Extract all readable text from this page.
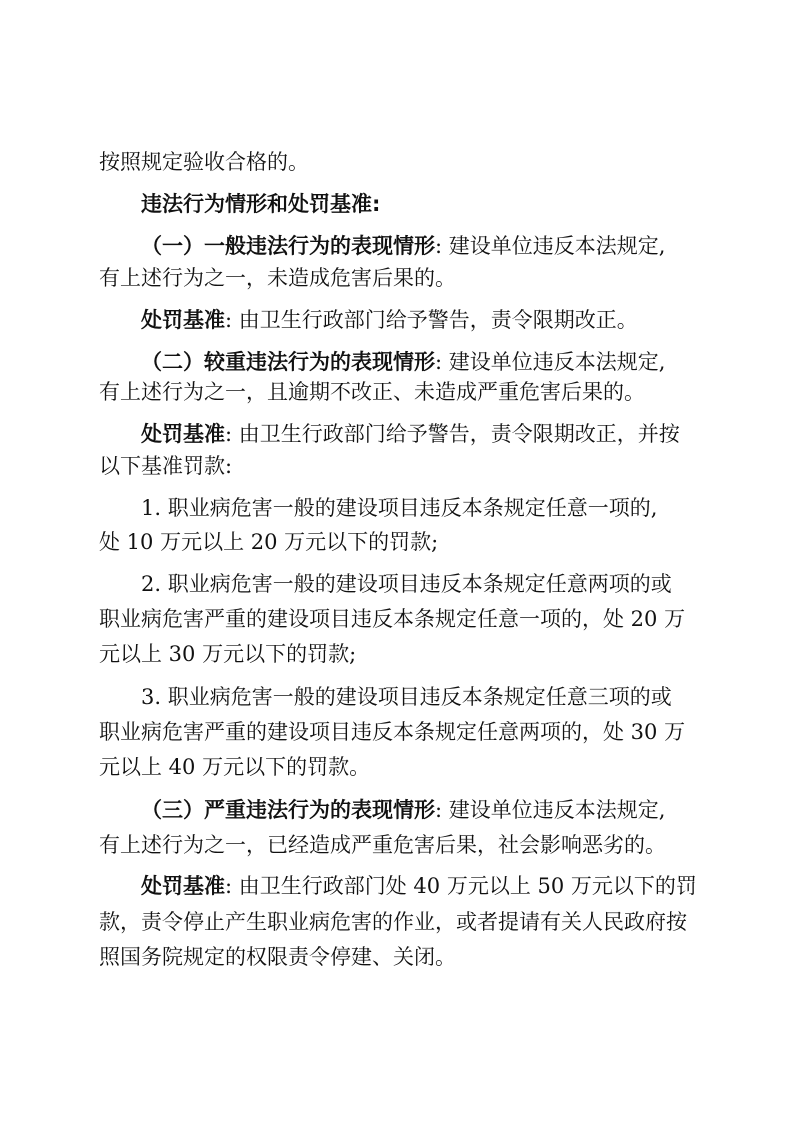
按照规定验收合格的。
违法行为情形和处罚基准:
（一）一般违法行为的表现情形: 建设单位违反本法规定,
有上述行为之一，未造成危害后果的。
处罚基准: 由卫生行政部门给予警告，责令限期改正。
（二）较重违法行为的表现情形: 建设单位违反本法规定,
有上述行为之一，且逾期不改正、未造成严重危害后果的。
处罚基准: 由卫生行政部门给予警告，责令限期改正，并按
以下基准罚款:
1. 职业病危害一般的建设项目违反本条规定任意一项的,
处 10 万元以上 20 万元以下的罚款;
2. 职业病危害一般的建设项目违反本条规定任意两项的或
职业病危害严重的建设项目违反本条规定任意一项的，处 20 万
元以上 30 万元以下的罚款;
3. 职业病危害一般的建设项目违反本条规定任意三项的或
职业病危害严重的建设项目违反本条规定任意两项的，处 30 万
元以上 40 万元以下的罚款。
（三）严重违法行为的表现情形: 建设单位违反本法规定,
有上述行为之一，已经造成严重危害后果，社会影响恶劣的。
处罚基准: 由卫生行政部门处 40 万元以上 50 万元以下的罚
款，责令停止产生职业病危害的作业，或者提请有关人民政府按
照国务院规定的权限责令停建、关闭。
